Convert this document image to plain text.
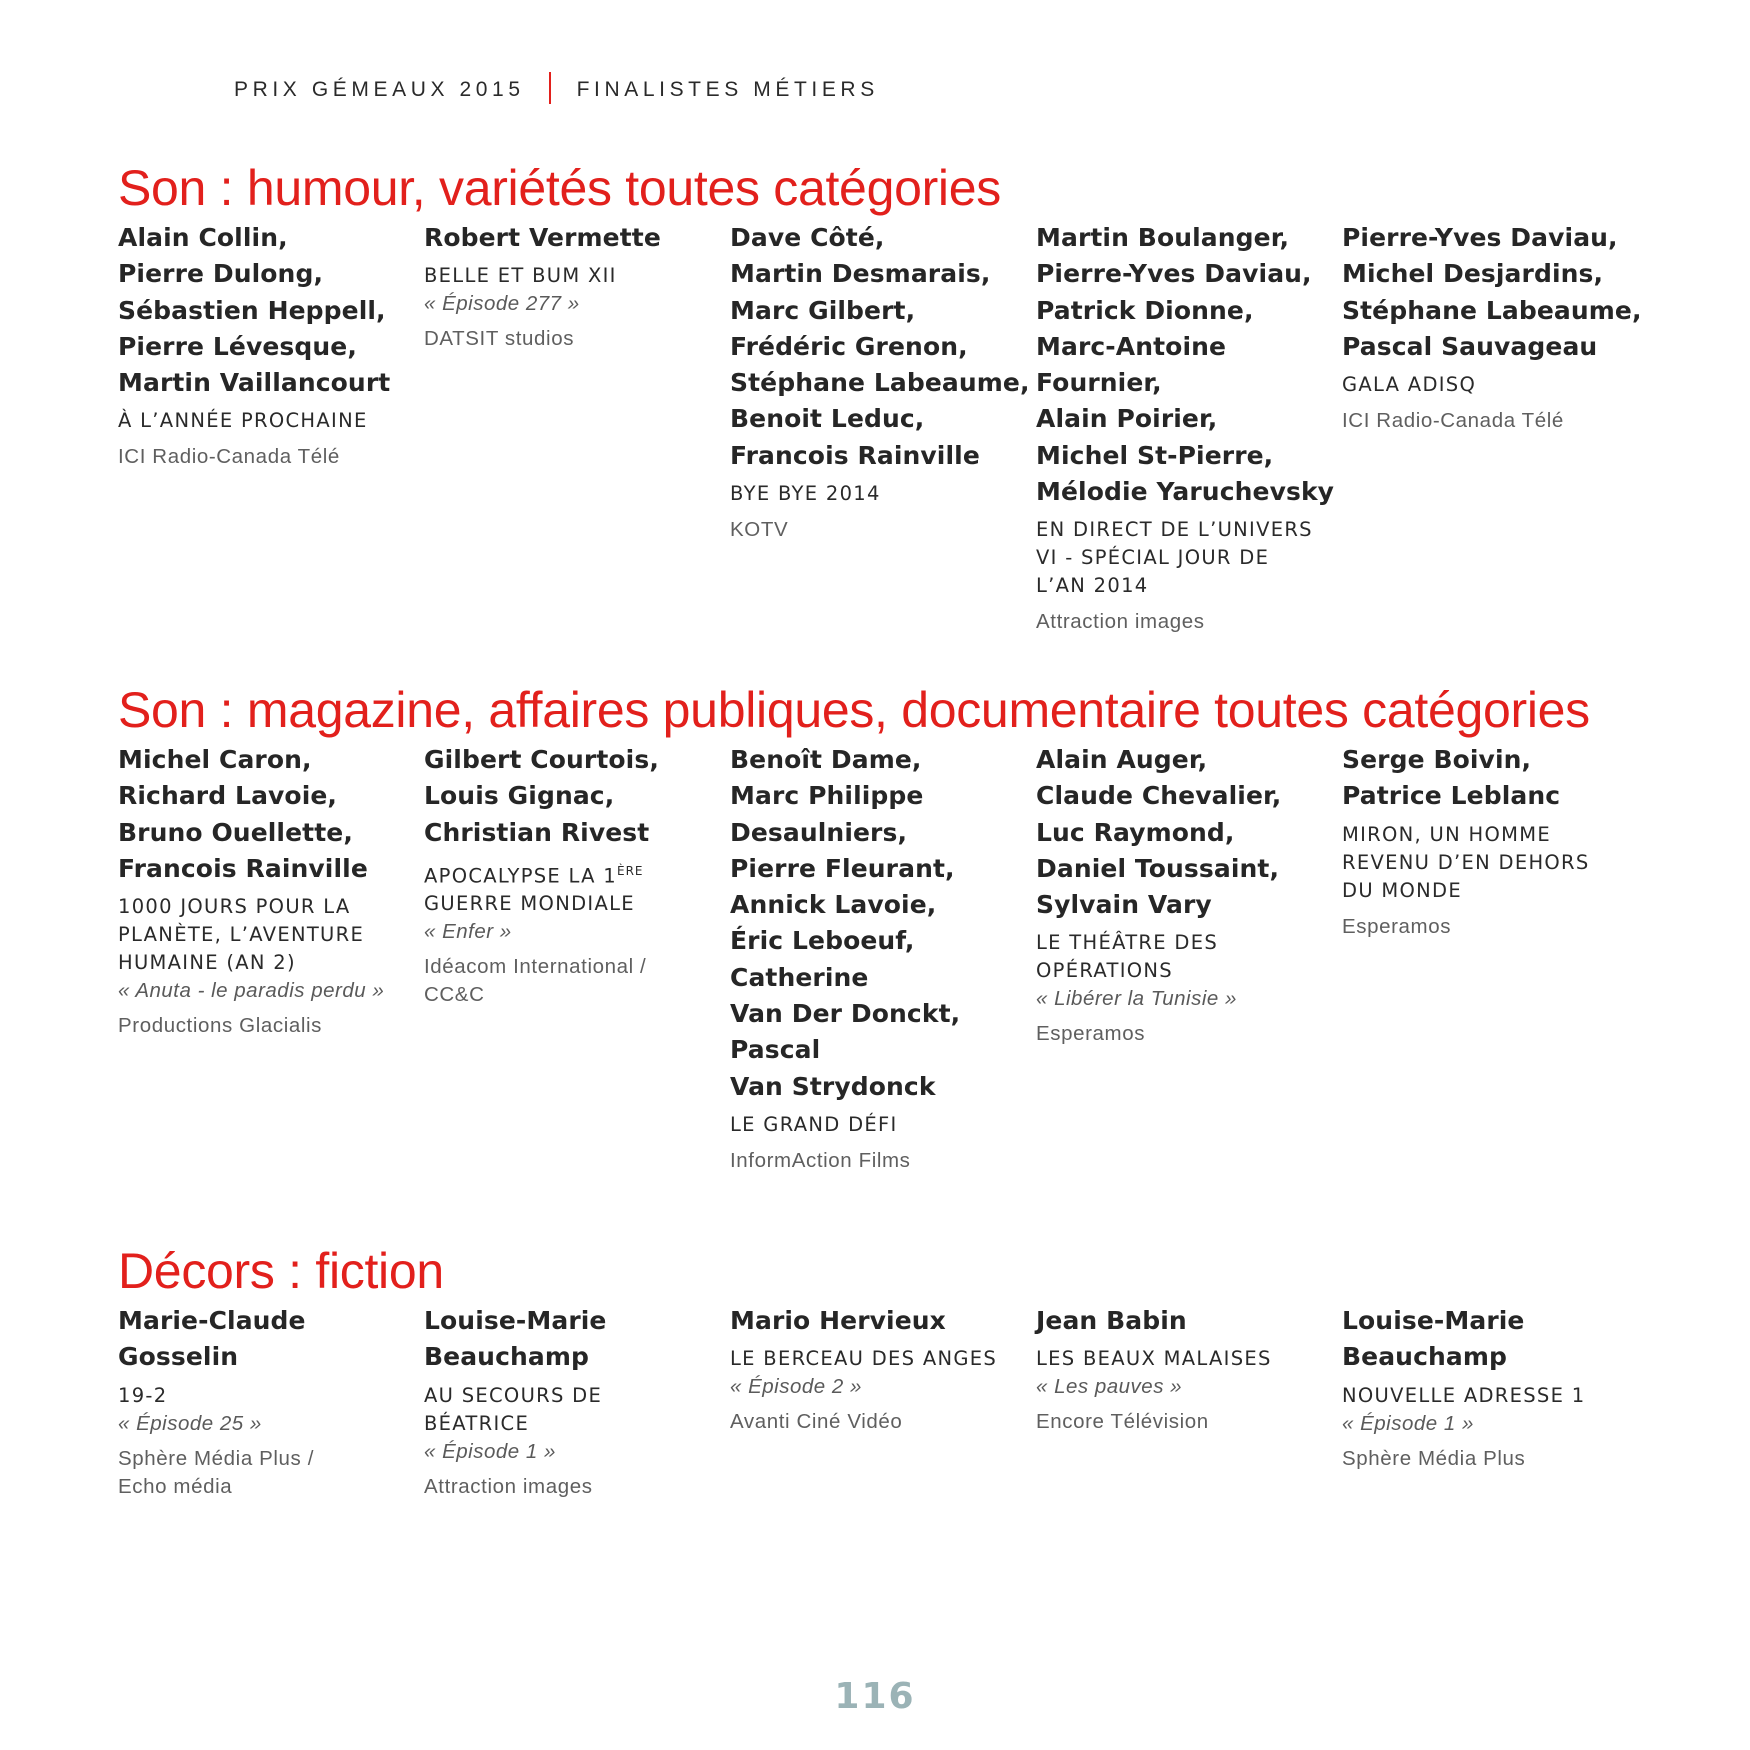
PRIX GÉMEAUX 2015 FINALISTES MÉTIERS
Son : humour, variétés toutes catégories

Alain Collin,
Pierre Dulong,
Sébastien Heppell,
Pierre Lévesque,
Martin Vaillancourt

À L’ANNÉE PROCHAINE
ICI Radio-Canada Télé

Robert Vermette

BELLE ET BUM XII
« Épisode 277 »
DATSIT studios

Dave Côté,
Martin Desmarais,
Marc Gilbert,
Frédéric Grenon,
Stéphane Labeaume,
Benoit Leduc,
Francois Rainville

BYE BYE 2014
KOTV

Martin Boulanger,
Pierre-Yves Daviau,
Patrick Dionne,
Marc-Antoine Fournier,
Alain Poirier,
Michel St-Pierre,
Mélodie Yaruchevsky

EN DIRECT DE L’UNIVERS
VI - SPÉCIAL JOUR DE
L’AN 2014
Attraction images

Pierre-Yves Daviau,
Michel Desjardins,
Stéphane Labeaume,
Pascal Sauvageau

GALA ADISQ
ICI Radio-Canada Télé
Son : magazine, affaires publiques, documentaire toutes catégories

Michel Caron,
Richard Lavoie,
Bruno Ouellette,
Francois Rainville

1000 JOURS POUR LA
PLANÈTE, L’AVENTURE
HUMAINE (AN 2)
« Anuta - le paradis perdu »
Productions Glacialis

Gilbert Courtois,
Louis Gignac,
Christian Rivest

APOCALYPSE LA 1ÈRE
GUERRE MONDIALE
« Enfer »
Idéacom International /
CC&C

Benoît Dame,
Marc Philippe
Desaulniers,
Pierre Fleurant,
Annick Lavoie,
Éric Leboeuf,
Catherine
Van Der Donckt,
Pascal
Van Strydonck

LE GRAND DÉFI
InformAction Films

Alain Auger,
Claude Chevalier,
Luc Raymond,
Daniel Toussaint,
Sylvain Vary

LE THÉÂTRE DES
OPÉRATIONS
« Libérer la Tunisie »
Esperamos

Serge Boivin,
Patrice Leblanc

MIRON, UN HOMME
REVENU D’EN DEHORS
DU MONDE
Esperamos
Décors : fiction

Marie-Claude
Gosselin

19-2
« Épisode 25 »
Sphère Média Plus /
Echo média

Louise-Marie
Beauchamp

AU SECOURS DE
BÉATRICE
« Épisode 1 »
Attraction images

Mario Hervieux

LE BERCEAU DES ANGES
« Épisode 2 »
Avanti Ciné Vidéo

Jean Babin

LES BEAUX MALAISES
« Les pauves »
Encore Télévision

Louise-Marie
Beauchamp

NOUVELLE ADRESSE 1
« Épisode 1 »
Sphère Média Plus
116
